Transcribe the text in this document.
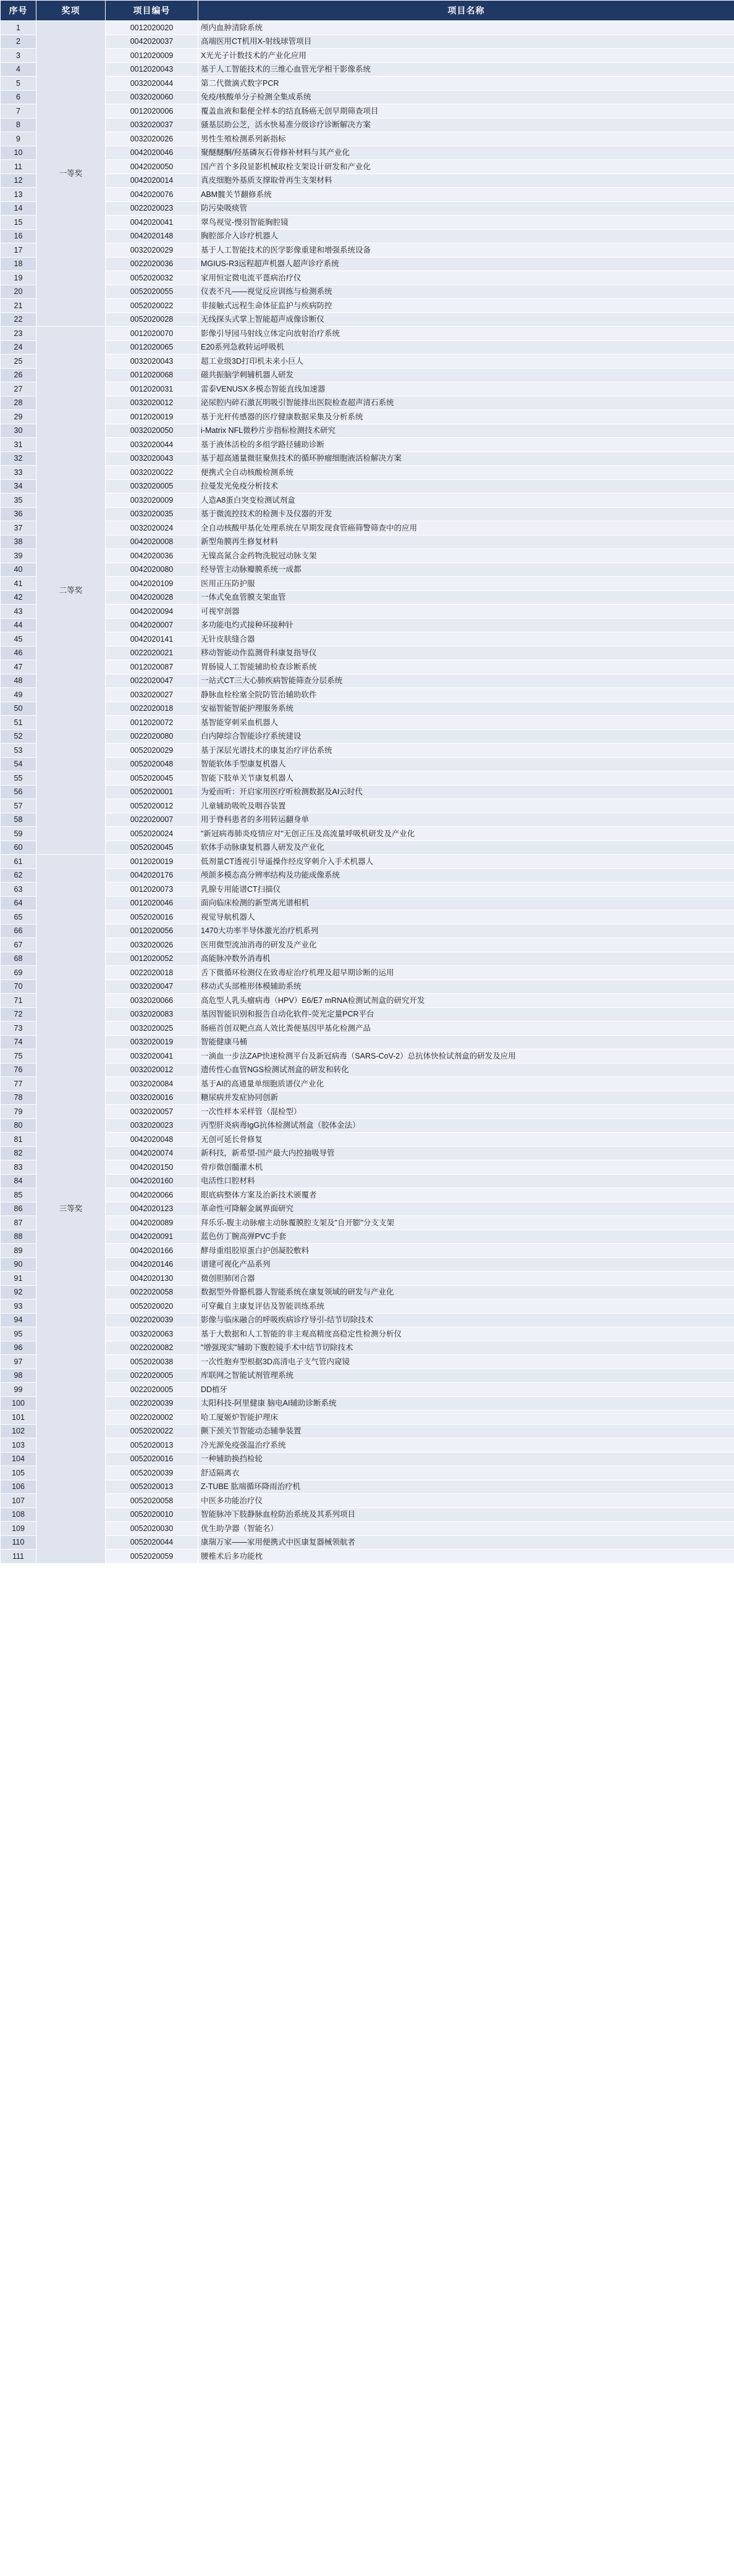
序号	奖项	项目编号	项目名称
1	一等奖	0012020020	颅内血肿清除系统
2		0042020037	高端医用CT机用X-射线球管项目
3		0012020009	X光光子计数技术的产业化应用
4		0012020043	基于人工智能技术的三维心血管光学相干影像系统
5		0032020044	第二代微滴式数字PCR
6		0032020060	免疫/核酸单分子检测全集成系统
7		0012020006	覆盖血液和黏便全样本的结直肠癌无创早期筛查项目
8		0032020037	骚基层助公芝，活水快易准分级诊疗诊断解决方案
9		0032020026	男性生殖检测系列新指标
10		0042020046	聚醚醚酮/羟基磷灰石骨修补材料与其产业化
11		0042020050	国产首个多段显影机械取栓支架设计研发和产业化
12		0042020014	真皮细胞外基质支撑取骨再生支架材料
13		0042020076	ABM髋关节翻修系统
14		0022020023	防污染吸痰管
15		0042020041	翠鸟视觉-慢羽智能胸腔镜
16		0042020148	胸腔部介入诊疗机器人
17		0032020029	基于人工智能技术的医学影像重建和增强系统设备
18		0022020036	MGIUS-R3远程超声机器人超声诊疗系统
19		0052020032	家用恒定微电流平蓖病治疗仪
20		0052020055	仪表不凡——视觉反应训练与检测系统
21		0052020022	非接触式远程生命体征监护与疾病防控
22		0052020028	无线探头式掌上智能超声成像诊断仪
23	二等奖	0012020070	影像引导园马射线立体定向放射治疗系统
24		0012020065	E20系列急救转运呼吸机
25		0032020043	超工业级3D打印机未来小巨人
26		0012020068	磁共振脑学刺辅机器人研发
27		0012020031	雷泰VENUSX多模态智能直线加速器
28		0032020012	泌尿腔内碎石激瓦明吸引智能排出医院检查超声清石系统
29		0012020019	基于光杆传感器的医疗健康数据采集及分析系统
30		0032020050	i-Matrix NFL微秒片步指标检测技术研究
31		0032020044	基于液体活检的多组学路径辅助诊断
32		0032020043	基于超高通量微驻聚焦技术的循环肿瘤细胞液活检解决方案
33		0032020022	便携式全自动核酸检测系统
34		0032020005	拉曼发光免疫分析技术
35		0032020009	人造A8蛋白突变检测试剂盒
36		0032020035	基于微流控技术的检测卡及仪器的开发
37		0032020024	全自动核酸甲基化处理系统在早期发现食管癌筛警筛查中的应用
38		0042020008	新型角膜再生修复材料
39		0042020036	无镍高氮合金药物洗脱冠动脉支架
40		0042020080	经导管主动脉瓣膜系统一成都
41		0042020109	医用正压防护服
42		0042020028	一体式免血管膜支架血管
43		0042020094	可视窄剖器
44		0042020007	多功能电灼式接种环接种针
45		0042020141	无针皮肤缝合器
46		0022020021	移动智能动作监测骨科康复指导仪
47		0012020087	胃肠镜人工智能辅助检查诊断系统
48		0022020047	一站式CT三大心肺疾病智能筛查分层系统
49		0032020027	静脉血栓栓塞全院防管治辅助软件
50		0022020018	安福智能智能护理服务系统
51		0012020072	基智能穿刺采血机器人
52		0022020080	白内障综合智能诊疗系统建设
53		0052020029	基于深层光谱技术的康复治疗评估系统
54		0052020048	智能软体手型康复机器人
55		0052020045	智能下肢单关节康复机器人
56		0052020001	为爱而听：开启家用医疗听检测数据及AI云时代
57		0052020012	儿童辅助吸吮及咽吞装置
58		0022020007	用于脊科患者的多用转运翻身单
59		0052020024	"新冠病毒肺炎疫情应对"无创正压及高流量呼吸机研发及产业化
60		0052020045	软体手动脉康复机器人研发及产业化
61	三等奖	0012020019	低剂量CT透视引导遥操作经皮穿刺介入手术机器人
62		0042020176	颅颌多模态高分辨率结构及功能成像系统
63		0012020073	乳腺专用能谱CT扫描仪
64		0012020046	面向临床检测的新型离光谱相机
65		0052020016	视觉导航机器人
66		0012020056	1470大功率半导体激光治疗机系列
67		0032020026	医用微型流油消毒的研发及产业化
68		0012020052	高能脉冲数外消毒机
69		0022020018	舌下微循环检测仪在致毒症治疗机理及超早期诊断的运用
70		0032020047	移动式头部椎形体模辅助系统
71		0032020066	高危型人乳头瘤病毒（HPV）E6/E7 mRNA检测试剂盒的研究开发
72		0032020083	基因智能识别和报告自动化软件-荧光定量PCR平台
73		0032020025	肠癌首创双靶点高人效比粪便基因甲基化检测产品
74		0032020019	智能健康马桶
75		0032020041	一滴血一步法ZAP快速检测平台及新冠病毒（SARS-CoV-2）总抗体快检试剂盒的研发及应用
76		0032020012	遗传性心血管NGS检测试剂盒的研发和转化
77		0032020084	基于AI的高通量单细胞质谱仪产业化
78		0032020016	糖尿病并发症协同创新
79		0032020057	一次性样本采样管（混检型）
80		0032020023	丙型肝炎病毒IgG抗体检测试剂盒（胶体金法）
81		0042020048	无创可延长骨修复
82		0042020074	新科技，新希望-国产最大内控抽吸导管
83		0042020150	骨疖微创髓灌木机
84		0042020160	电活性口腔材料
85		0042020066	眼底病整体方案及治新技术颁覆者
86		0042020123	革命性可降解金属界面研究
87		0042020089	拜乐乐-腹主动脉瘤主动脉覆膜腔支架及"自开膨"分支支架
88		0042020091	蓝色仿丁腕高弹PVC手套
89		0042020166	酵母重组胶原蛋白护创凝胶敷料
90		0042020146	谱建可视化产品系列
91		0042020130	微创胆肺闭合器
92		0022020058	数据型外骨骼机器人智能系统在康复领域的研发与产业化
93		0052020020	可穿戴自主康复评估及智能训练系统
94		0022020039	影像与临床融合的呼吸疾病诊疗导引-结节切除技术
95		0032020063	基于大数据和人工智能的非主观高精度高稳定性检测分析仪
96		0022020082	"增强现实"辅助下腹腔镜手术中结节切除技术
97		0052020038	一次性胞弃型根据3D高清电子支气管内窥镜
98		0022020005	库联网之智能试剂管理系统
99		0022020005	DD植牙
100		0022020039	太阳科技-阿里健康 脑电AI辅助诊断系统
101		0022020002	哈工厦姬炉智能护理床
102		0052020022	颤下颈关节智能动态辅拳装置
103		0052020013	冷光源免疫强温治疗系统
104		0052020016	一种辅助换挡检轮
105		0052020039	舒适隔离衣
106		0052020013	Z-TUBE 肱端循环降雨治疗机
107		0052020058	中医多功能治疗仪
108		0052020010	智能脉冲下肢静脉血栓防治系统及其系列项目
109		0052020030	优生助孕器（智能名）
110		0052020044	康瑞万家——家用便携式中医康复器械领航者
111		0052020059	腰椎术后多功能枕
